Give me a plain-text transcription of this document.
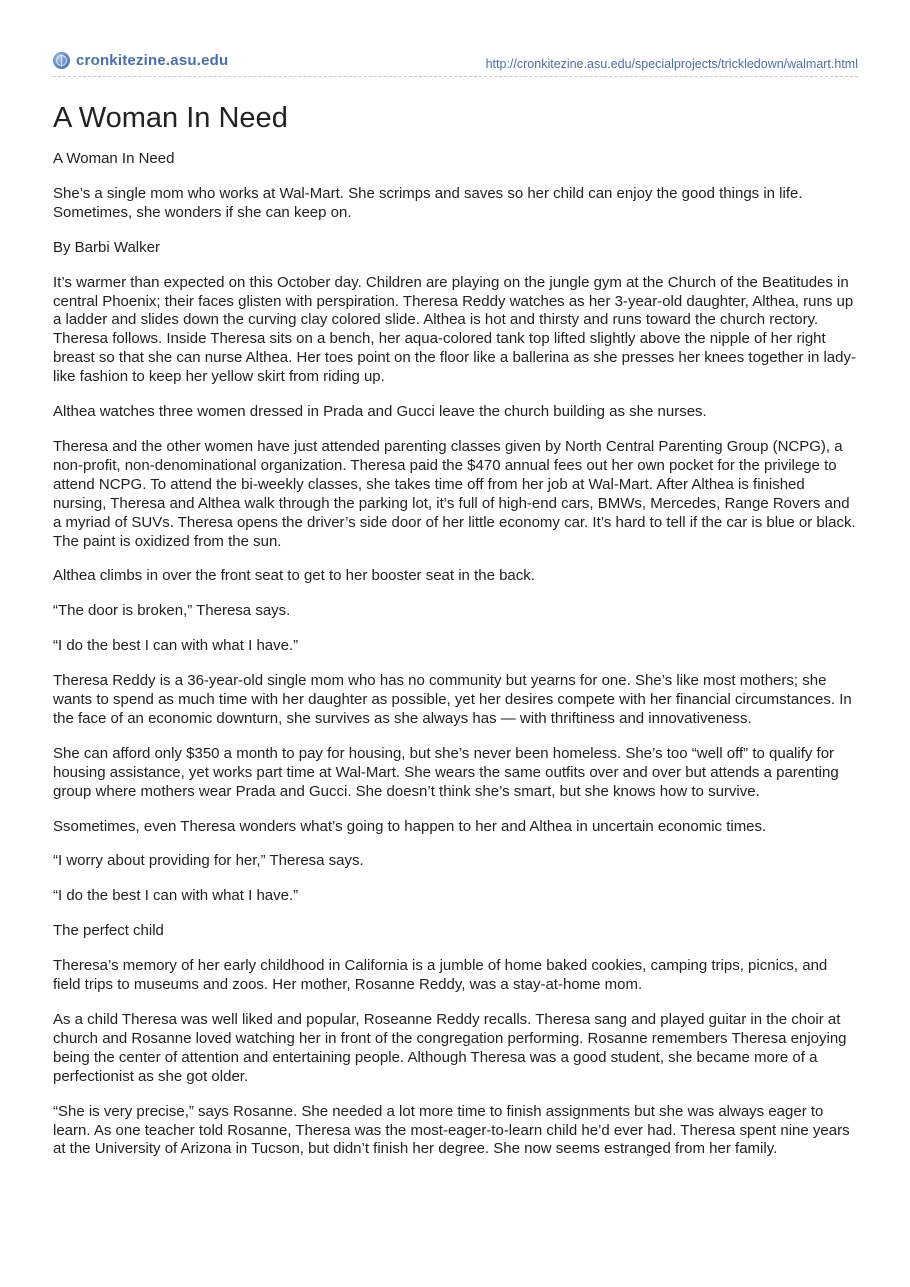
cronkitezine.asu.edu	http://cronkitezine.asu.edu/specialprojects/trickledown/walmart.html
A Woman In Need

A Woman In Need

She’s a single mom who works at Wal-Mart. She scrimps and saves so her child can enjoy the good things in life. Sometimes, she wonders if she can keep on.

By Barbi Walker

It’s warmer than expected on this October day. Children are playing on the jungle gym at the Church of the Beatitudes in central Phoenix; their faces glisten with perspiration. Theresa Reddy watches as her 3-year-old daughter, Althea, runs up a ladder and slides down the curving clay colored slide. Althea is hot and thirsty and runs toward the church rectory. Theresa follows. Inside Theresa sits on a bench, her aqua-colored tank top lifted slightly above the nipple of her right breast so that she can nurse Althea. Her toes point on the floor like a ballerina as she presses her knees together in lady-like fashion to keep her yellow skirt from riding up.

Althea watches three women dressed in Prada and Gucci leave the church building as she nurses.

Theresa and the other women have just attended parenting classes given by North Central Parenting Group (NCPG), a non-profit, non-denominational organization. Theresa paid the $470 annual fees out her own pocket for the privilege to attend NCPG. To attend the bi-weekly classes, she takes time off from her job at Wal-Mart. After Althea is finished nursing, Theresa and Althea walk through the parking lot, it’s full of high-end cars, BMWs, Mercedes, Range Rovers and a myriad of SUVs. Theresa opens the driver’s side door of her little economy car. It’s hard to tell if the car is blue or black. The paint is oxidized from the sun.

Althea climbs in over the front seat to get to her booster seat in the back.

“The door is broken,” Theresa says.

“I do the best I can with what I have.”

Theresa Reddy is a 36-year-old single mom who has no community but yearns for one. She’s like most mothers; she wants to spend as much time with her daughter as possible, yet her desires compete with her financial circumstances. In the face of an economic downturn, she survives as she always has — with thriftiness and innovativeness.

She can afford only $350 a month to pay for housing, but she’s never been homeless. She’s too “well off” to qualify for housing assistance, yet works part time at Wal-Mart. She wears the same outfits over and over but attends a parenting group where mothers wear Prada and Gucci. She doesn’t think she’s smart, but she knows how to survive.

Ssometimes, even Theresa wonders what’s going to happen to her and Althea in uncertain economic times.

“I worry about providing for her,” Theresa says.

“I do the best I can with what I have.”

The perfect child

Theresa’s memory of her early childhood in California is a jumble of home baked cookies, camping trips, picnics, and field trips to museums and zoos. Her mother, Rosanne Reddy, was a stay-at-home mom.

As a child Theresa was well liked and popular, Roseanne Reddy recalls. Theresa sang and played guitar in the choir at church and Rosanne loved watching her in front of the congregation performing. Rosanne remembers Theresa enjoying being the center of attention and entertaining people. Although Theresa was a good student, she became more of a perfectionist as she got older.

“She is very precise,” says Rosanne. She needed a lot more time to finish assignments but she was always eager to learn. As one teacher told Rosanne, Theresa was the most-eager-to-learn child he’d ever had. Theresa spent nine years at the University of Arizona in Tucson, but didn’t finish her degree. She now seems estranged from her family.
